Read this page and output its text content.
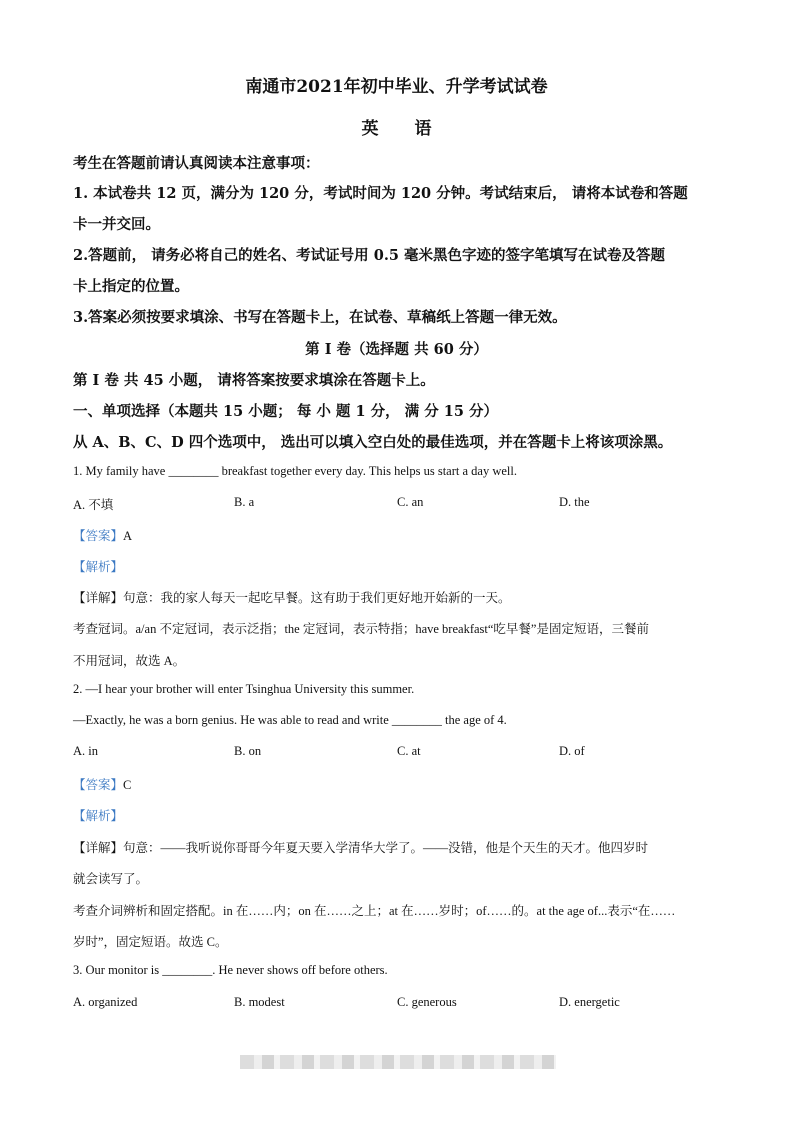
南通市2021年初中毕业、升学考试试卷
英 语
考生在答题前请认真阅读本注意事项：
1. 本试卷共 12 页，满分为 120 分，考试时间为 120 分钟。考试结束后， 请将本试卷和答题
卡一并交回。
2.答题前， 请务必将自己的姓名、考试证号用 0.5 毫米黑色字迹的签字笔填写在试卷及答题
卡上指定的位置。
3.答案必须按要求填涂、书写在答题卡上，在试卷、草稿纸上答题一律无效。
第 I 卷（选择题 共 60 分）
第 I 卷 共 45 小题， 请将答案按要求填涂在答题卡上。
一、单项选择（本题共 15 小题； 每 小 题 1 分， 满 分 15 分）
从 A、B、C、D 四个选项中， 选出可以填入空白处的最佳选项，并在答题卡上将该项涂黑。
1. My family have ________ breakfast together every day. This helps us start a day well.
A. 不填	B. a	C. an	D. the
【答案】A
【解析】
【详解】句意：我的家人每天一起吃早餐。这有助于我们更好地开始新的一天。
考查冠词。a/an 不定冠词，表示泛指；the 定冠词，表示特指；have breakfast“吃早餐”是固定短语，三餐前
不用冠词，故选 A。
2. —I hear your brother will enter Tsinghua University this summer.
—Exactly, he was a born genius. He was able to read and write ________ the age of 4.
A. in	B. on	C. at	D. of
【答案】C
【解析】
【详解】句意：——我听说你哥哥今年夏天要入学清华大学了。——没错，他是个天生的天才。他四岁时
就会读写了。
考查介词辨析和固定搭配。in 在……内；on 在……之上；at 在……岁时；of……的。at the age of...表示“在……
岁时”，固定短语。故选 C。
3. Our monitor is ________. He never shows off before others.
A. organized	B. modest	C. generous	D. energetic
